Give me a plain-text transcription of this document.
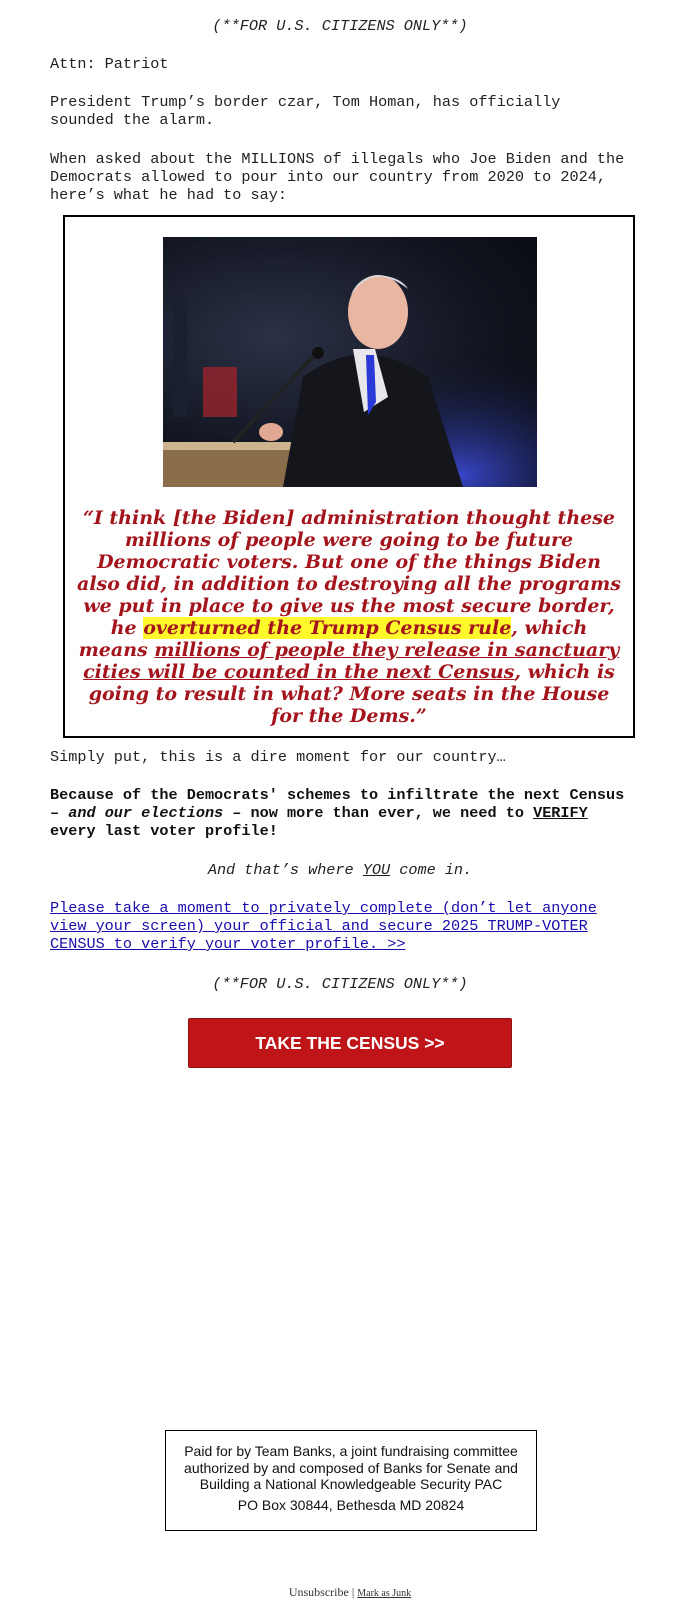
(**FOR U.S. CITIZENS ONLY**)

Attn: Patriot

President Trump’s border czar, Tom Homan, has officially sounded the alarm.

When asked about the MILLIONS of illegals who Joe Biden and the Democrats allowed to pour into our country from 2020 to 2024, here’s what he had to say:

“I think [the Biden] administration thought these millions of people were going to be future Democratic voters. But one of the things Biden also did, in addition to destroying all the programs we put in place to give us the most secure border, he overturned the Trump Census rule, which means millions of people they release in sanctuary cities will be counted in the next Census, which is going to result in what? More seats in the House for the Dems.”

Simply put, this is a dire moment for our country…

Because of the Democrats' schemes to infiltrate the next Census – and our elections – now more than ever, we need to VERIFY every last voter profile!

And that’s where YOU come in.

Please take a moment to privately complete (don’t let anyone view your screen) your official and secure 2025 TRUMP-VOTER CENSUS to verify your voter profile. >>

(**FOR U.S. CITIZENS ONLY**)

TAKE THE CENSUS >>

Paid for by Team Banks, a joint fundraising committee authorized by and composed of Banks for Senate and Building a National Knowledgeable Security PAC

PO Box 30844, Bethesda MD 20824

Unsubscribe | Mark as Junk
